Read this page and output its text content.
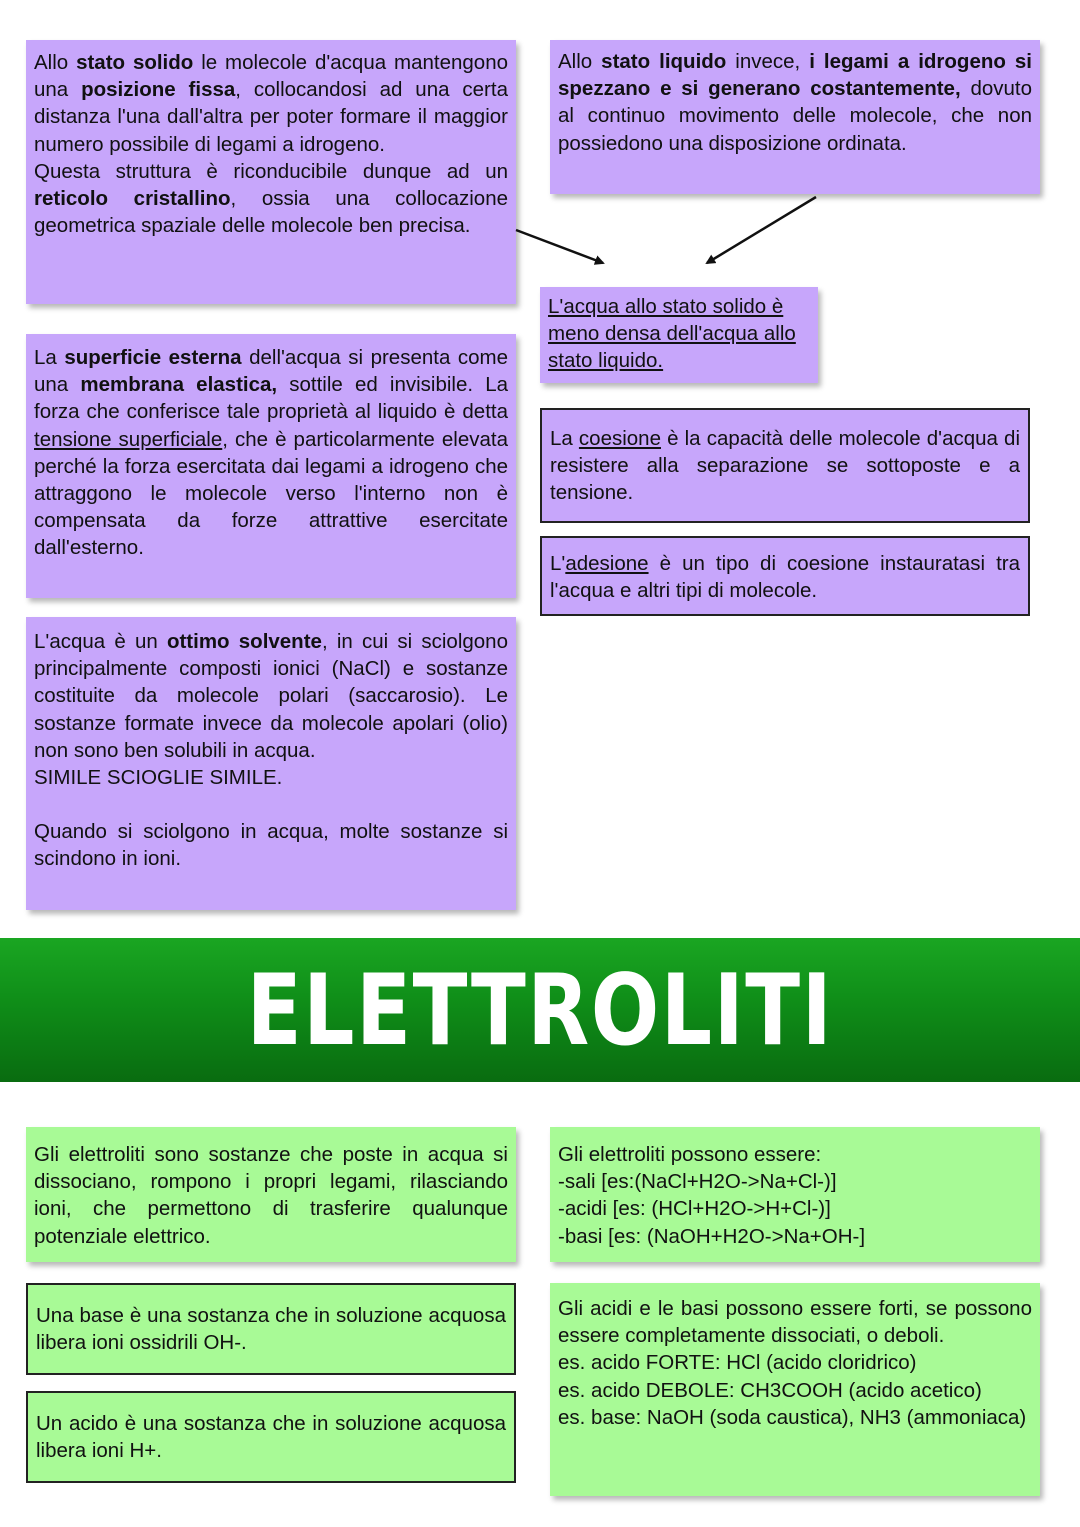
Allo stato solido le molecole d'acqua mantengono una posizione fissa, collocandosi ad una certa distanza l'una dall'altra per poter formare il maggior numero possibile di legami a idrogeno.

Questa struttura è riconducibile dunque ad un reticolo cristallino, ossia una collocazione geometrica spaziale delle molecole ben precisa.

Allo stato liquido invece, i legami a idrogeno si spezzano e si generano costantemente, dovuto al continuo movimento delle molecole, che non possiedono una disposizione ordinata.

L'acqua allo stato solido è meno densa dell'acqua allo stato liquido.

La superficie esterna dell'acqua si presenta come una membrana elastica, sottile ed invisibile. La forza che conferisce tale proprietà al liquido è detta tensione superficiale, che è particolarmente elevata perché la forza esercitata dai legami a idrogeno che attraggono le molecole verso l'interno non è compensata da forze attrattive esercitate dall'esterno.

La coesione è la capacità delle molecole d'acqua di resistere alla separazione se sottoposte e a tensione.

L'adesione è un tipo di coesione instauratasi tra l'acqua e altri tipi di molecole.

L'acqua è un ottimo solvente, in cui si sciolgono principalmente composti ionici (NaCl) e sostanze costituite da molecole polari (saccarosio). Le sostanze formate invece da molecole apolari (olio) non sono ben solubili in acqua.

SIMILE SCIOGLIE SIMILE.

Quando si sciolgono in acqua, molte sostanze si scindono in ioni.

ELETTROLITI

Gli elettroliti sono sostanze che poste in acqua si dissociano, rompono i propri legami, rilasciando ioni, che permettono di trasferire qualunque potenziale elettrico.

Gli elettroliti possono essere:

-sali [es:(NaCl+H2O->Na+Cl-)]

-acidi [es: (HCl+H2O->H+Cl-)]

-basi [es: (NaOH+H2O->Na+OH-]

Una base è una sostanza che in soluzione acquosa libera ioni ossidrili OH-.

Un acido è una sostanza che in soluzione acquosa libera ioni H+.

Gli acidi e le basi possono essere forti, se possono essere completamente dissociati, o deboli.

es. acido FORTE: HCl (acido cloridrico)

es. acido DEBOLE: CH3COOH (acido acetico)

es. base: NaOH (soda caustica), NH3 (ammoniaca)
